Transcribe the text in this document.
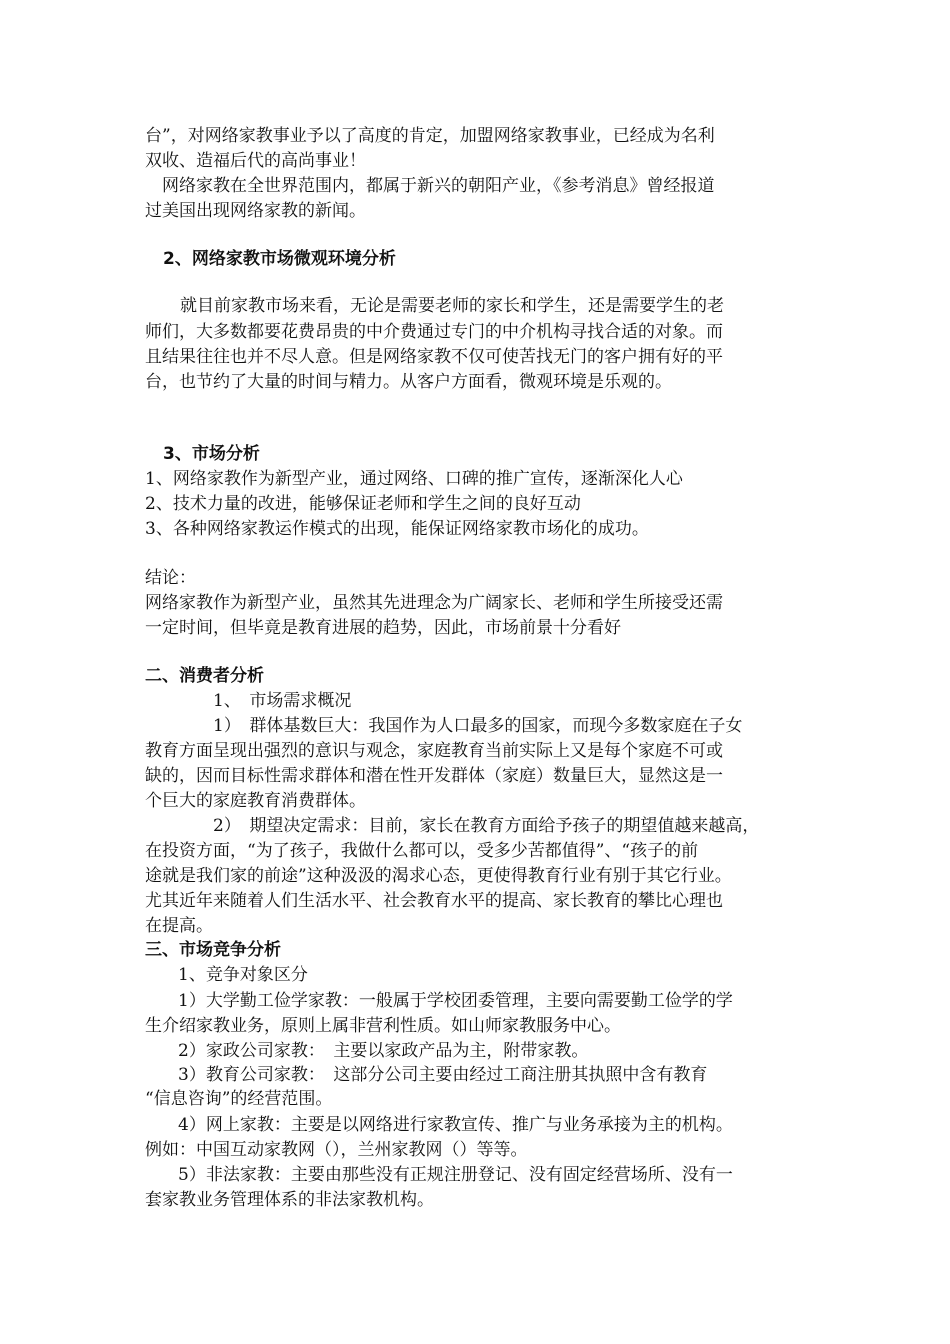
台”，对网络家教事业予以了高度的肯定，加盟网络家教事业，已经成为名利
双收、造福后代的高尚事业！
　网络家教在全世界范围内，都属于新兴的朝阳产业，《参考消息》曾经报道
过美国出现网络家教的新闻。
2、网络家教市场微观环境分析
就目前家教市场来看，无论是需要老师的家长和学生，还是需要学生的老
师们，大多数都要花费昂贵的中介费通过专门的中介机构寻找合适的对象。而
且结果往往也并不尽人意。但是网络家教不仅可使苦找无门的客户拥有好的平
台，也节约了大量的时间与精力。从客户方面看，微观环境是乐观的。
3、市场分析
1、网络家教作为新型产业，通过网络、口碑的推广宣传，逐渐深化人心
2、技术力量的改进，能够保证老师和学生之间的良好互动
3、各种网络家教运作模式的出现，能保证网络家教市场化的成功。
结论：
网络家教作为新型产业，虽然其先进理念为广阔家长、老师和学生所接受还需
一定时间，但毕竟是教育进展的趋势，因此，市场前景十分看好
二、消费者分析
1、　市场需求概况
1）　群体基数巨大：我国作为人口最多的国家，而现今多数家庭在子女
教育方面呈现出强烈的意识与观念，家庭教育当前实际上又是每个家庭不可或
缺的，因而目标性需求群体和潜在性开发群体（家庭）数量巨大，显然这是一
个巨大的家庭教育消费群体。
2）　期望决定需求：目前，家长在教育方面给予孩子的期望值越来越高，
在投资方面，“为了孩子，我做什么都可以，受多少苦都值得”、“孩子的前
途就是我们家的前途”这种汲汲的渴求心态，更使得教育行业有别于其它行业。
尤其近年来随着人们生活水平、社会教育水平的提高、家长教育的攀比心理也
在提高。
三、市场竞争分析
1、竞争对象区分
1）大学勤工俭学家教：一般属于学校团委管理，主要向需要勤工俭学的学
生介绍家教业务，原则上属非营利性质。如山师家教服务中心。
2）家政公司家教：　主要以家政产品为主，附带家教。
3）教育公司家教：　这部分公司主要由经过工商注册其执照中含有教育
“信息咨询”的经营范围。
4）网上家教：主要是以网络进行家教宣传、推广与业务承接为主的机构。
例如：中国互动家教网（），兰州家教网（）等等。
5）非法家教：主要由那些没有正规注册登记、没有固定经营场所、没有一
套家教业务管理体系的非法家教机构。
